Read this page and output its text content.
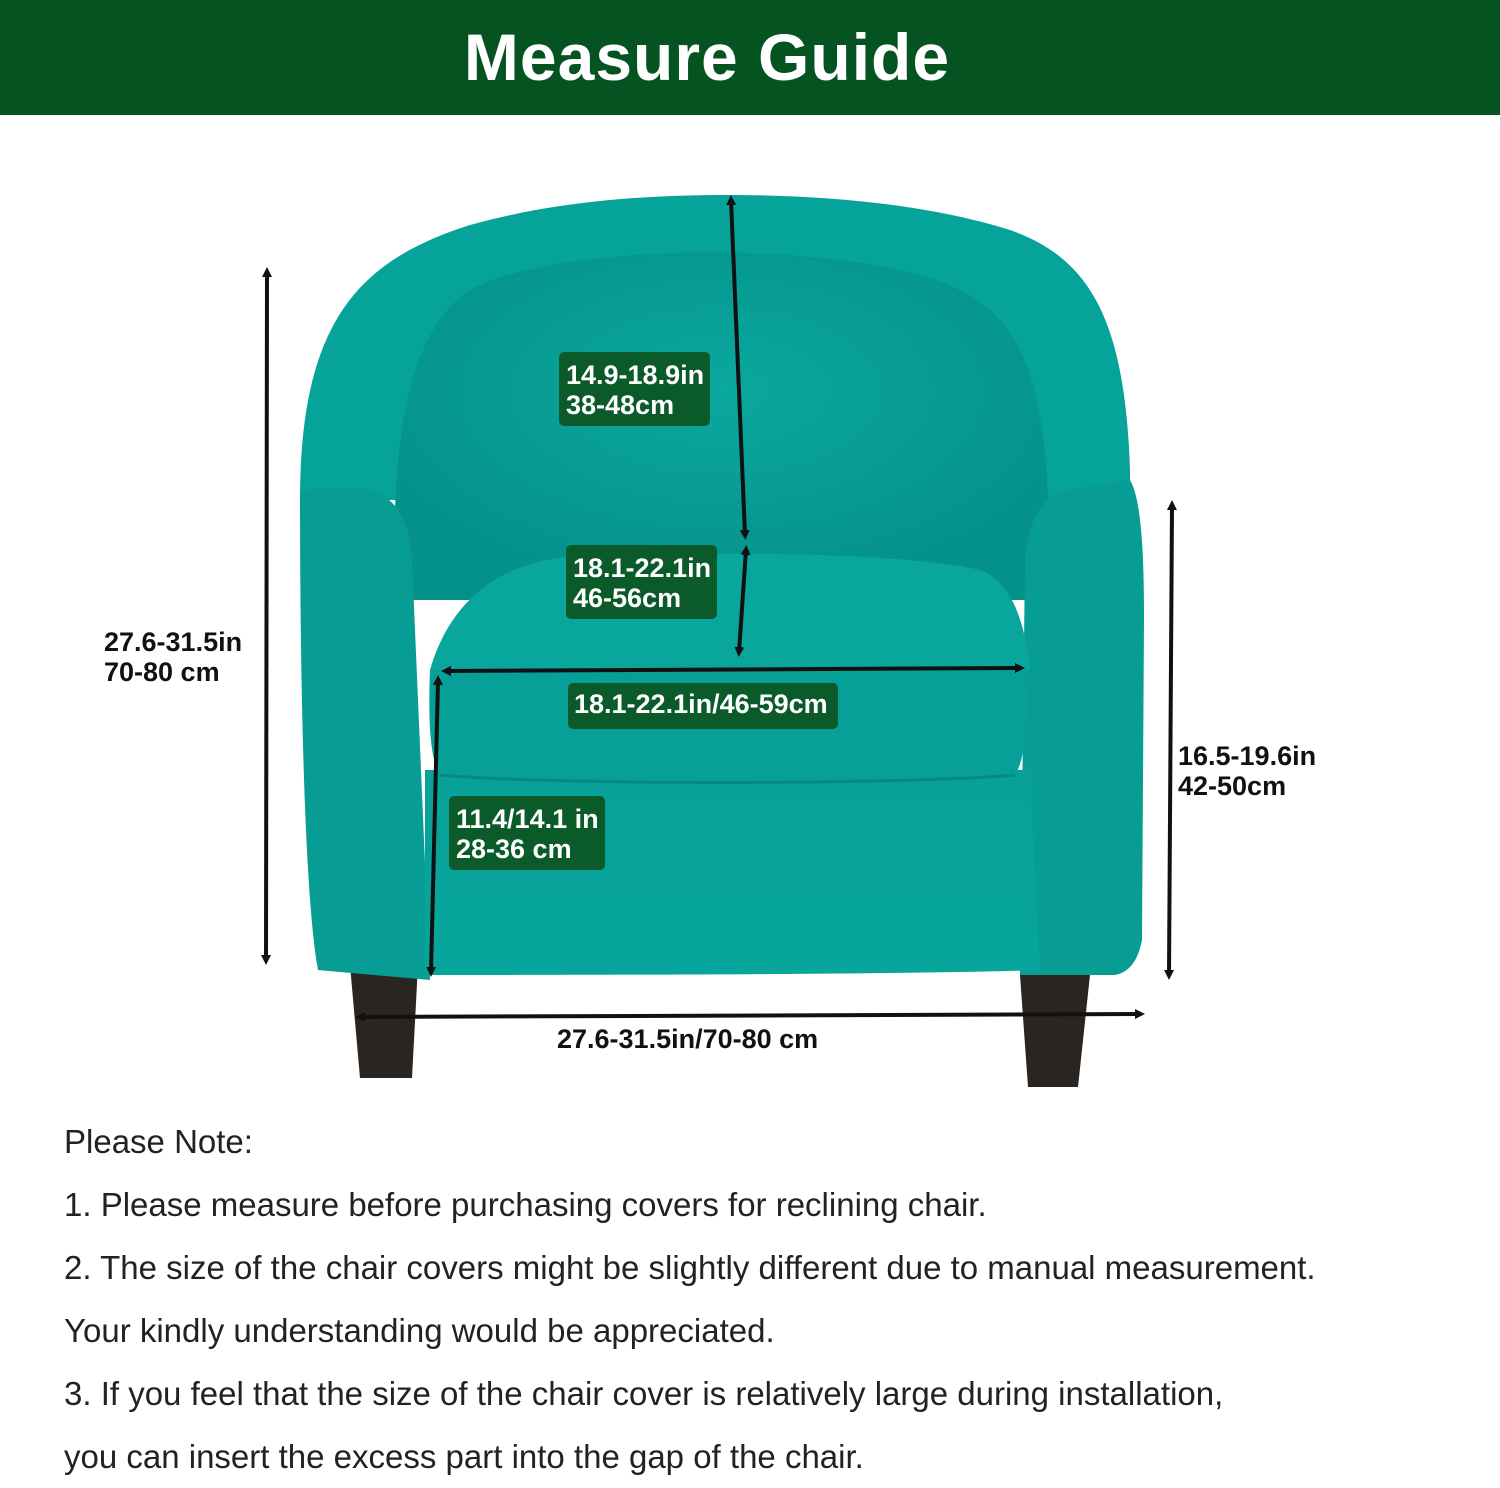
Measure Guide
27.6-31.5in
70-80 cm
14.9-18.9in
38-48cm
18.1-22.1in
46-56cm
18.1-22.1in/46-59cm
11.4/14.1 in
28-36 cm
16.5-19.6in
42-50cm
27.6-31.5in/70-80 cm

Please Note:

1. Please measure before purchasing covers for reclining chair.

2. The size of the chair covers might be slightly different due to manual measurement.

Your kindly understanding would be appreciated.

3. If you feel that the size of the chair cover is relatively large during installation,

you can insert the excess part into the gap of the chair.
